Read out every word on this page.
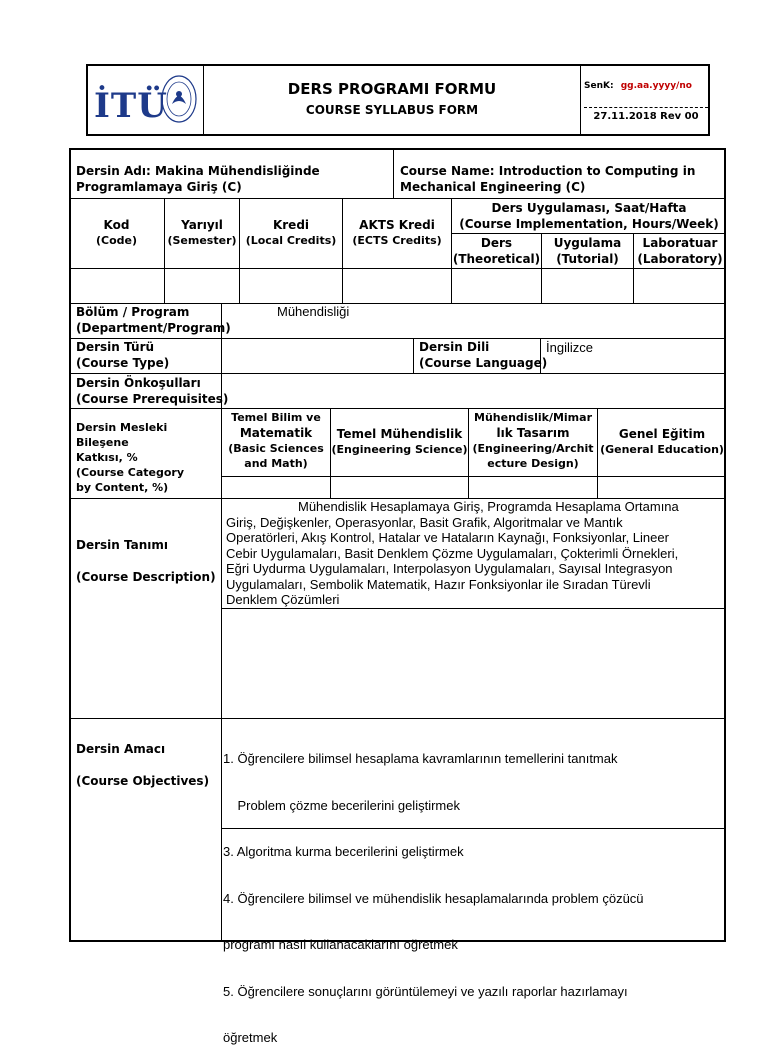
İTÜ	DERS PROGRAMI FORMU
COURSE SYLLABUS FORM
SenK: gg.aa.yyyy/no
27.11.2018 Rev 00
Dersin Adı: Makina Mühendisliğinde
Programlamaya Giriş (C)
Course Name: Introduction to Computing in
Mechanical Engineering (C)
Kod
(Code)
Yarıyıl
(Semester)
Kredi
(Local Credits)
AKTS Kredi
(ECTS Credits)
Ders Uygulaması, Saat/Hafta
(Course Implementation, Hours/Week)
Ders
(Theoretical)
Uygulama
(Tutorial)
Laboratuar
(Laboratory)
Bölüm / Program
(Department/Program)
Mühendisliği
Dersin Türü
(Course Type)
Dersin Dili
(Course Language)
İngilizce
Dersin Önkoşulları
(Course Prerequisites)
Dersin Mesleki Bileşene
Katkısı, %
(Course Category
by Content, %)
Temel Bilim ve
Matematik
(Basic Sciences
and Math)
Temel Mühendislik
(Engineering Science)
Mühendislik/Mimar
lık Tasarım
(Engineering/Archit
ecture Design)
Genel Eğitim
(General Education)
Dersin Tanımı
(Course Description)
Mühendislik Hesaplamaya Giriş, Programda Hesaplama Ortamına
Giriş, Değişkenler, Operasyonlar, Basit Grafik, Algoritmalar ve Mantık
Operatörleri, Akış Kontrol, Hatalar ve Hataların Kaynağı, Fonksiyonlar, Lineer
Cebir Uygulamaları, Basit Denklem Çözme Uygulamaları, Çokterimli Örnekleri,
Eğri Uydurma Uygulamaları, Interpolasyon Uygulamaları, Sayısal Integrasyon
Uygulamaları, Sembolik Matematik, Hazır Fonksiyonlar ile Sıradan Türevli
Denklem Çözümleri
Dersin Amacı
(Course Objectives)

1. Öğrencilere bilimsel hesaplama kavramlarının temellerini tanıtmak

Problem çözme becerilerini geliştirmek

3. Algoritma kurma becerilerini geliştirmek

4. Öğrencilere bilimsel ve mühendislik hesaplamalarında problem çözücü

programı nasıl kullanacaklarını öğretmek

5. Öğrencilere sonuçlarını görüntülemeyi ve yazılı raporlar hazırlamayı

öğretmek
